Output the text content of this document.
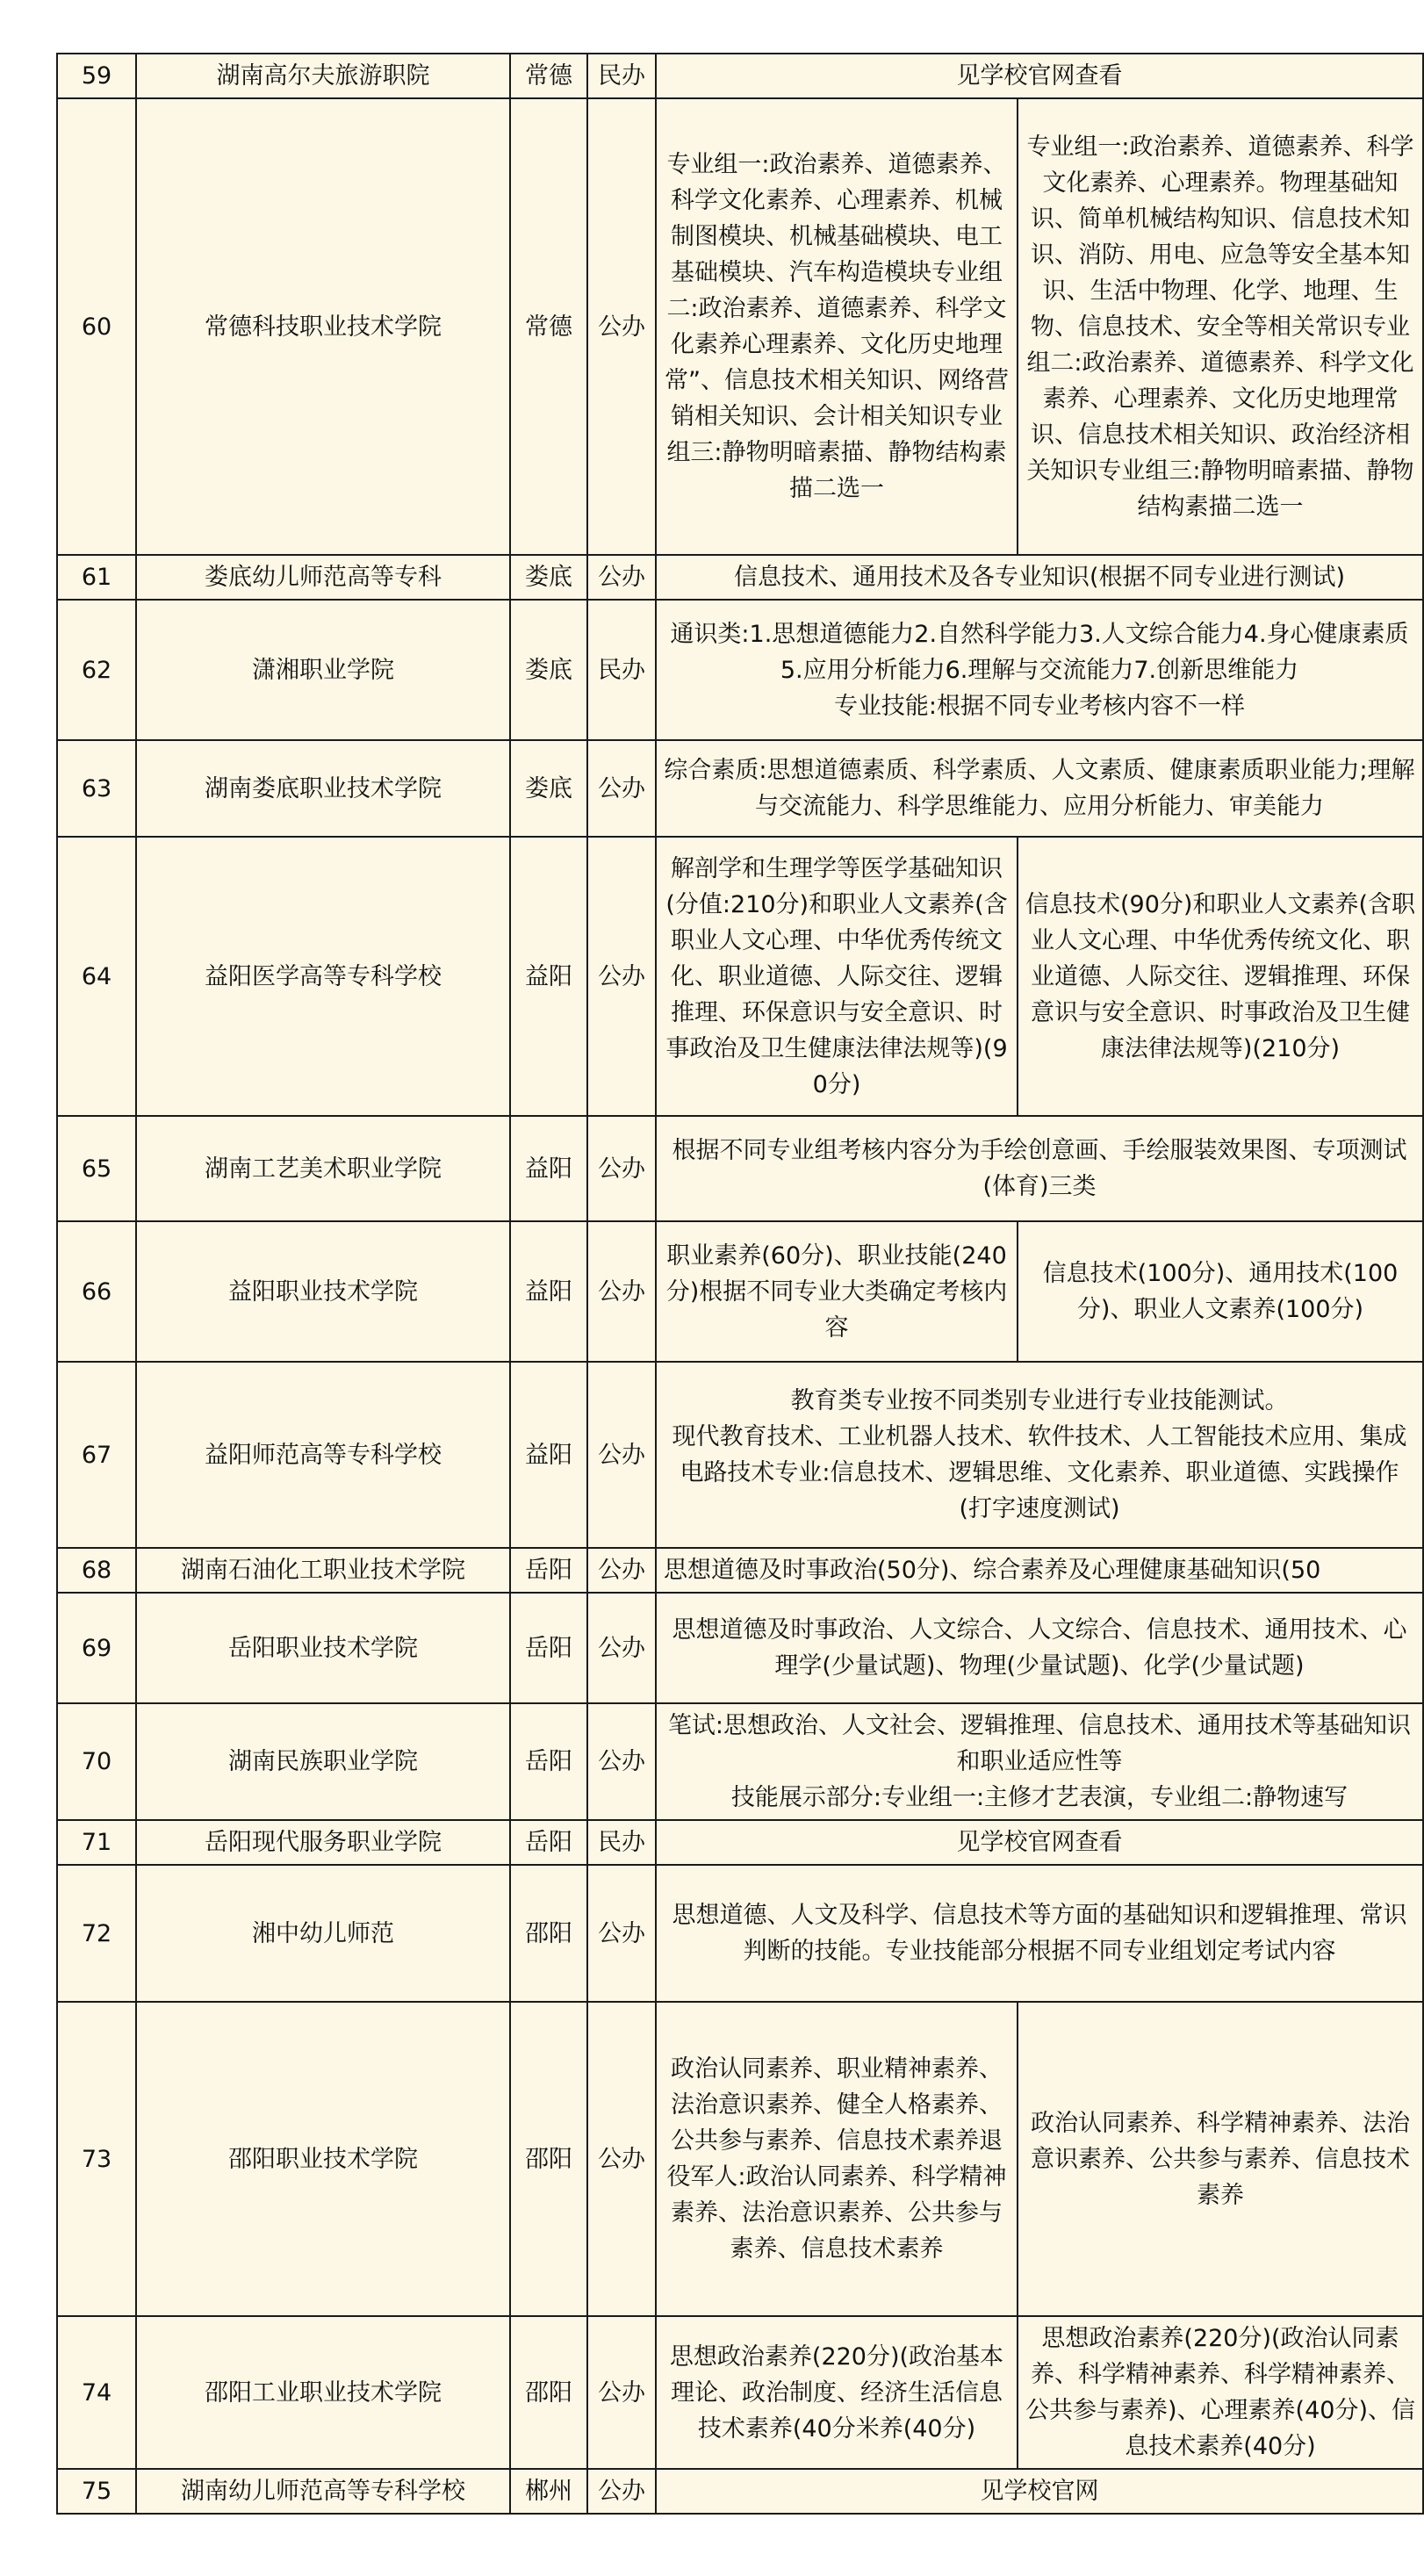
59	湖南高尔夫旅游职院	常德	民办	见学校官网查看	

60	常德科技职业技术学院	常德	公办	专业组一:政治素养、道德素养、科学文化素养、心理素养、机械制图模块、机械基础模块、电工基础模块、汽车构造模块专业组二:政治素养、道德素养、科学文化素养心理素养、文化历史地理常”、信息技术相关知识、网络营销相关知识、会计相关知识专业组三:静物明暗素描、静物结构素描二选一	专业组一:政治素养、道德素养、科学文化素养、心理素养。物理基础知识、简单机械结构知识、信息技术知识、消防、用电、应急等安全基本知识、生活中物理、化学、地理、生物、信息技术、安全等相关常识专业组二:政治素养、道德素养、科学文化素养、心理素养、文化历史地理常识、信息技术相关知识、政治经济相关知识专业组三:静物明暗素描、静物结构素描二选一
61	娄底幼儿师范高等专科	娄底	公办	信息技术、通用技术及各专业知识(根据不同专业进行测试)	

62	潇湘职业学院	娄底	民办	通识类:1.思想道德能力2.自然科学能力3.人文综合能力4.身心健康素质5.应用分析能力6.理解与交流能力7.创新思维能力
专业技能:根据不同专业考核内容不一样	

63	湖南娄底职业技术学院	娄底	公办	综合素质:思想道德素质、科学素质、人文素质、健康素质职业能力;理解与交流能力、科学思维能力、应用分析能力、审美能力	

64	益阳医学高等专科学校	益阳	公办	解剖学和生理学等医学基础知识(分值:210分)和职业人文素养(含职业人文心理、中华优秀传统文化、职业道德、人际交往、逻辑推理、环保意识与安全意识、时事政治及卫生健康法律法规等)(90分)	信息技术(90分)和职业人文素养(含职业人文心理、中华优秀传统文化、职业道德、人际交往、逻辑推理、环保意识与安全意识、时事政治及卫生健康法律法规等)(210分)
65	湖南工艺美术职业学院	益阳	公办	根据不同专业组考核内容分为手绘创意画、手绘服装效果图、专项测试(体育)三类	

66	益阳职业技术学院	益阳	公办	职业素养(60分)、职业技能(240分)根据不同专业大类确定考核内容	信息技术(100分)、通用技术(100分)、职业人文素养(100分)
67	益阳师范高等专科学校	益阳	公办	教育类专业按不同类别专业进行专业技能测试。
现代教育技术、工业机器人技术、软件技术、人工智能技术应用、集成电路技术专业:信息技术、逻辑思维、文化素养、职业道德、实践操作(打字速度测试)	

68	湖南石油化工职业技术学院	岳阳	公办	思想道德及时事政治(50分)、综合素养及心理健康基础知识(50	

69	岳阳职业技术学院	岳阳	公办	思想道德及时事政治、人文综合、人文综合、信息技术、通用技术、心理学(少量试题)、物理(少量试题)、化学(少量试题)	

70	湖南民族职业学院	岳阳	公办	笔试:思想政治、人文社会、逻辑推理、信息技术、通用技术等基础知识和职业适应性等
技能展示部分:专业组一:主修才艺表演，专业组二:静物速写	

71	岳阳现代服务职业学院	岳阳	民办	见学校官网查看	

72	湘中幼儿师范	邵阳	公办	思想道德、人文及科学、信息技术等方面的基础知识和逻辑推理、常识判断的技能。专业技能部分根据不同专业组划定考试内容	

73	邵阳职业技术学院	邵阳	公办	政治认同素养、职业精神素养、法治意识素养、健全人格素养、公共参与素养、信息技术素养退役军人:政治认同素养、科学精神素养、法治意识素养、公共参与素养、信息技术素养	政治认同素养、科学精神素养、法治意识素养、公共参与素养、信息技术素养
74	邵阳工业职业技术学院	邵阳	公办	思想政治素养(220分)(政治基本理论、政治制度、经济生活信息技术素养(40分米养(40分)	思想政治素养(220分)(政治认同素养、科学精神素养、科学精神素养、公共参与素养)、心理素养(40分)、信息技术素养(40分)
75	湖南幼儿师范高等专科学校	郴州	公办	见学校官网	
